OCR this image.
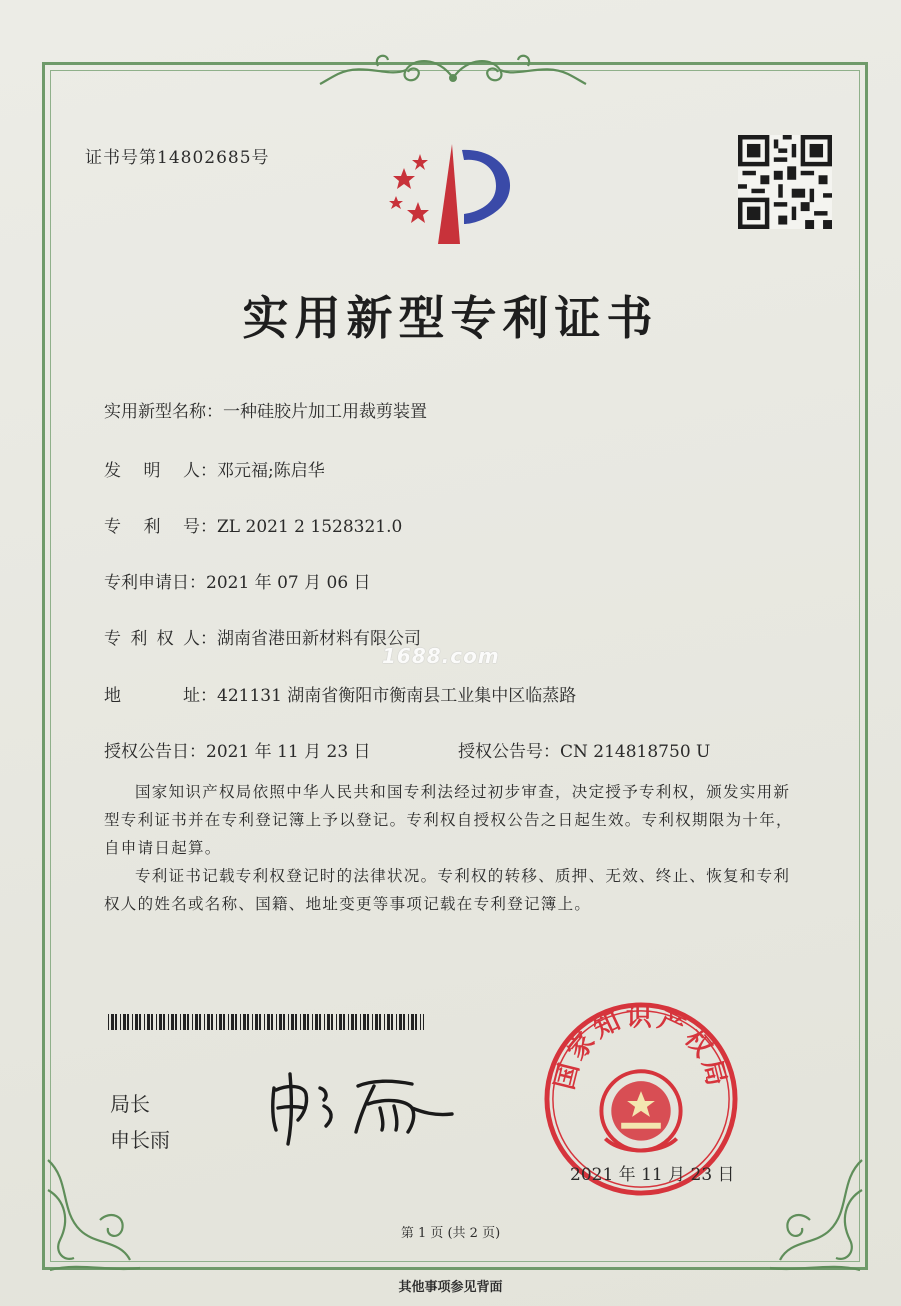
证书号第14802685号
实用新型专利证书
实用新型名称：一种硅胶片加工用裁剪装置
发 明 人 ：邓元福;陈启华
专 利 号 ：ZL 2021 2 1528321.0
专利申请日：2021 年 07 月 06 日
专 利 权 人 ：湖南省港田新材料有限公司
1688.com
地	址 ：421131 湖南省衡阳市衡南县工业集中区临蒸路
授权公告日：2021 年 11 月 23 日	授权公告号：CN 214818750 U

国家知识产权局依照中华人民共和国专利法经过初步审查，决定授予专利权，颁发实用新型专利证书并在专利登记簿上予以登记。专利权自授权公告之日起生效。专利权期限为十年，自申请日起算。

专利证书记载专利权登记时的法律状况。专利权的转移、质押、无效、终止、恢复和专利权人的姓名或名称、国籍、地址变更等事项记载在专利登记簿上。

局长
申长雨
国家知识产权局
2021 年 11 月 23 日
第 1 页 (共 2 页)
其他事项参见背面
